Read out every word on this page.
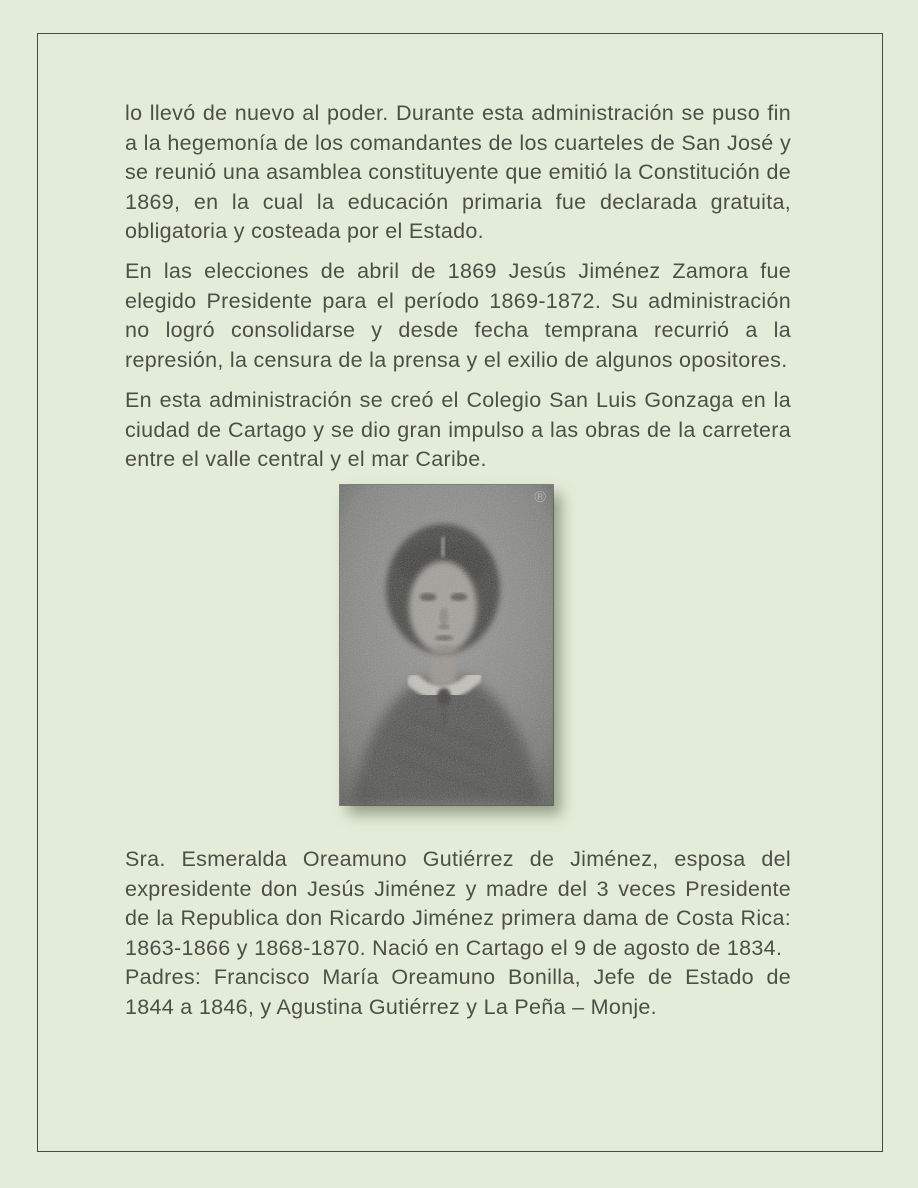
lo llevó de nuevo al poder. Durante esta administración se puso fin a la hegemonía de los comandantes de los cuarteles de San José y se reunió una asamblea constituyente que emitió la Constitución de 1869, en la cual la educación primaria fue declarada gratuita, obligatoria y costeada por el Estado.

En las elecciones de abril de 1869 Jesús Jiménez Zamora fue elegido Presidente para el período 1869-1872. Su administración no logró consolidarse y desde fecha temprana recurrió a la represión, la censura de la prensa y el exilio de algunos opositores.

En esta administración se creó el Colegio San Luis Gonzaga en la ciudad de Cartago y se dio gran impulso a las obras de la carretera entre el valle central y el mar Caribe.

®

Sra. Esmeralda Oreamuno Gutiérrez de Jiménez, esposa del expresidente don Jesús Jiménez y madre del 3 veces Presidente de la Republica don Ricardo Jiménez primera dama de Costa Rica: 1863-1866 y 1868-1870. Nació en Cartago el 9 de agosto de 1834.

Padres: Francisco María Oreamuno Bonilla, Jefe de Estado de 1844 a 1846, y Agustina Gutiérrez y La Peña – Monje.
